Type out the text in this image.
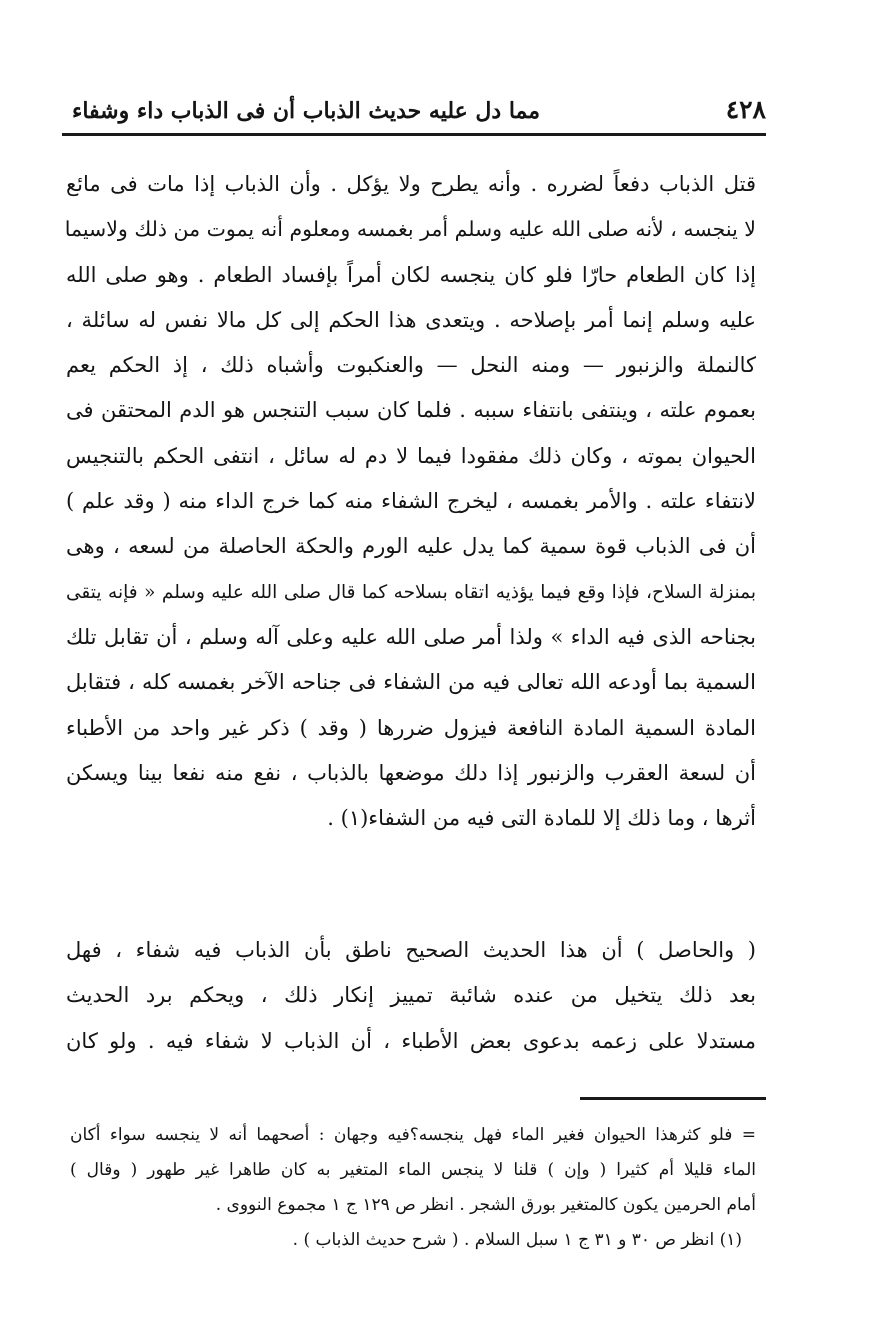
٤٢٨
مما دل عليه حديث الذباب أن فى الذباب داء وشفاء
قتل الذباب دفعاً لضرره . وأنه يطرح ولا يؤكل . وأن الذباب إذا مات فى مائع
لا ينجسه ، لأنه صلى الله عليه وسلم أمر بغمسه ومعلوم أنه يموت من ذلك ولاسيما
إذا كان الطعام حارّا فلو كان ينجسه لكان أمراً بإفساد الطعام . وهو صلى الله
عليه وسلم إنما أمر بإصلاحه . ويتعدى هذا الحكم إلى كل مالا نفس له سائلة ،
كالنملة والزنبور — ومنه النحل — والعنكبوت وأشباه ذلك ، إذ الحكم يعم
بعموم علته ، وينتفى بانتفاء سببه . فلما كان سبب التنجس هو الدم المحتقن فى
الحيوان بموته ، وكان ذلك مفقودا فيما لا دم له سائل ، انتفى الحكم بالتنجيس
لانتفاء علته . والأمر بغمسه ، ليخرج الشفاء منه كما خرج الداء منه ( وقد علم )
أن فى الذباب قوة سمية كما يدل عليه الورم والحكة الحاصلة من لسعه ، وهى
بمنزلة السلاح، فإذا وقع فيما يؤذيه اتقاه بسلاحه كما قال صلى الله عليه وسلم « فإنه يتقى
بجناحه الذى فيه الداء » ولذا أمر صلى الله عليه وعلى آله وسلم ، أن تقابل تلك
السمية بما أودعه الله تعالى فيه من الشفاء فى جناحه الآخر بغمسه كله ، فتقابل
المادة السمية المادة النافعة فيزول ضررها ( وقد ) ذكر غير واحد من الأطباء
أن لسعة العقرب والزنبور إذا دلك موضعها بالذباب ، نفع منه نفعا بينا ويسكن
أثرها ، وما ذلك إلا للمادة التى فيه من الشفاء(١) .
( والحاصل ) أن هذا الحديث الصحيح ناطق بأن الذباب فيه شفاء ، فهل
بعد ذلك يتخيل من عنده شائبة تمييز إنكار ذلك ، ويحكم برد الحديث
مستدلا على زعمه بدعوى بعض الأطباء ، أن الذباب لا شفاء فيه . ولو كان
= فلو كثرهذا الحيوان فغير الماء فهل ينجسه؟فيه وجهان : أصحهما أنه لا ينجسه سواء أكان
الماء قليلا أم كثيرا ( وإن ) قلنا لا ينجس الماء المتغير به كان طاهرا غير طهور ( وقال )
أمام الحرمين يكون كالمتغير بورق الشجر . انظر ص ١٢٩ ج ١ مجموع النووى .
(١) انظر ص ٣٠ و ٣١ ج ١ سبل السلام . ( شرح حديث الذباب ) .
